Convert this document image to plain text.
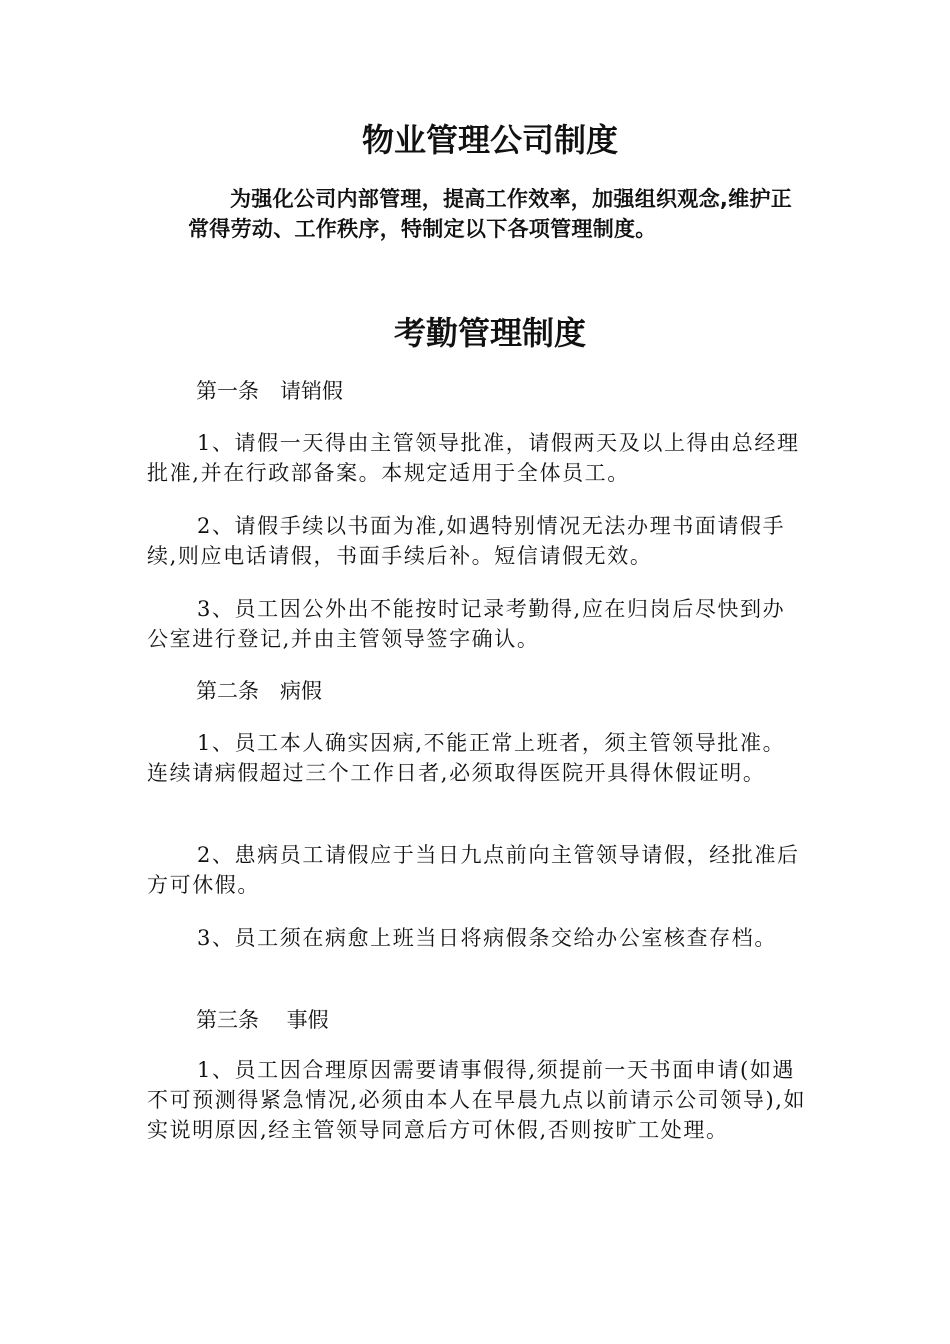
物业管理公司制度

为强化公司内部管理，提高工作效率，加强组织观念,维护正常得劳动、工作秩序，特制定以下各项管理制度。

考勤管理制度

第一条　请销假

1、请假一天得由主管领导批准，请假两天及以上得由总经理批准,并在行政部备案。本规定适用于全体员工。

2、请假手续以书面为准,如遇特别情况无法办理书面请假手续,则应电话请假，书面手续后补。短信请假无效。

3、员工因公外出不能按时记录考勤得,应在归岗后尽快到办公室进行登记,并由主管领导签字确认。

第二条　病假

1、员工本人确实因病,不能正常上班者，须主管领导批准。连续请病假超过三个工作日者,必须取得医院开具得休假证明。

2、患病员工请假应于当日九点前向主管领导请假，经批准后方可休假。

3、员工须在病愈上班当日将病假条交给办公室核查存档。

第三条　 事假

1、员工因合理原因需要请事假得,须提前一天书面申请(如遇不可预测得紧急情况,必须由本人在早晨九点以前请示公司领导),如实说明原因,经主管领导同意后方可休假,否则按旷工处理。
